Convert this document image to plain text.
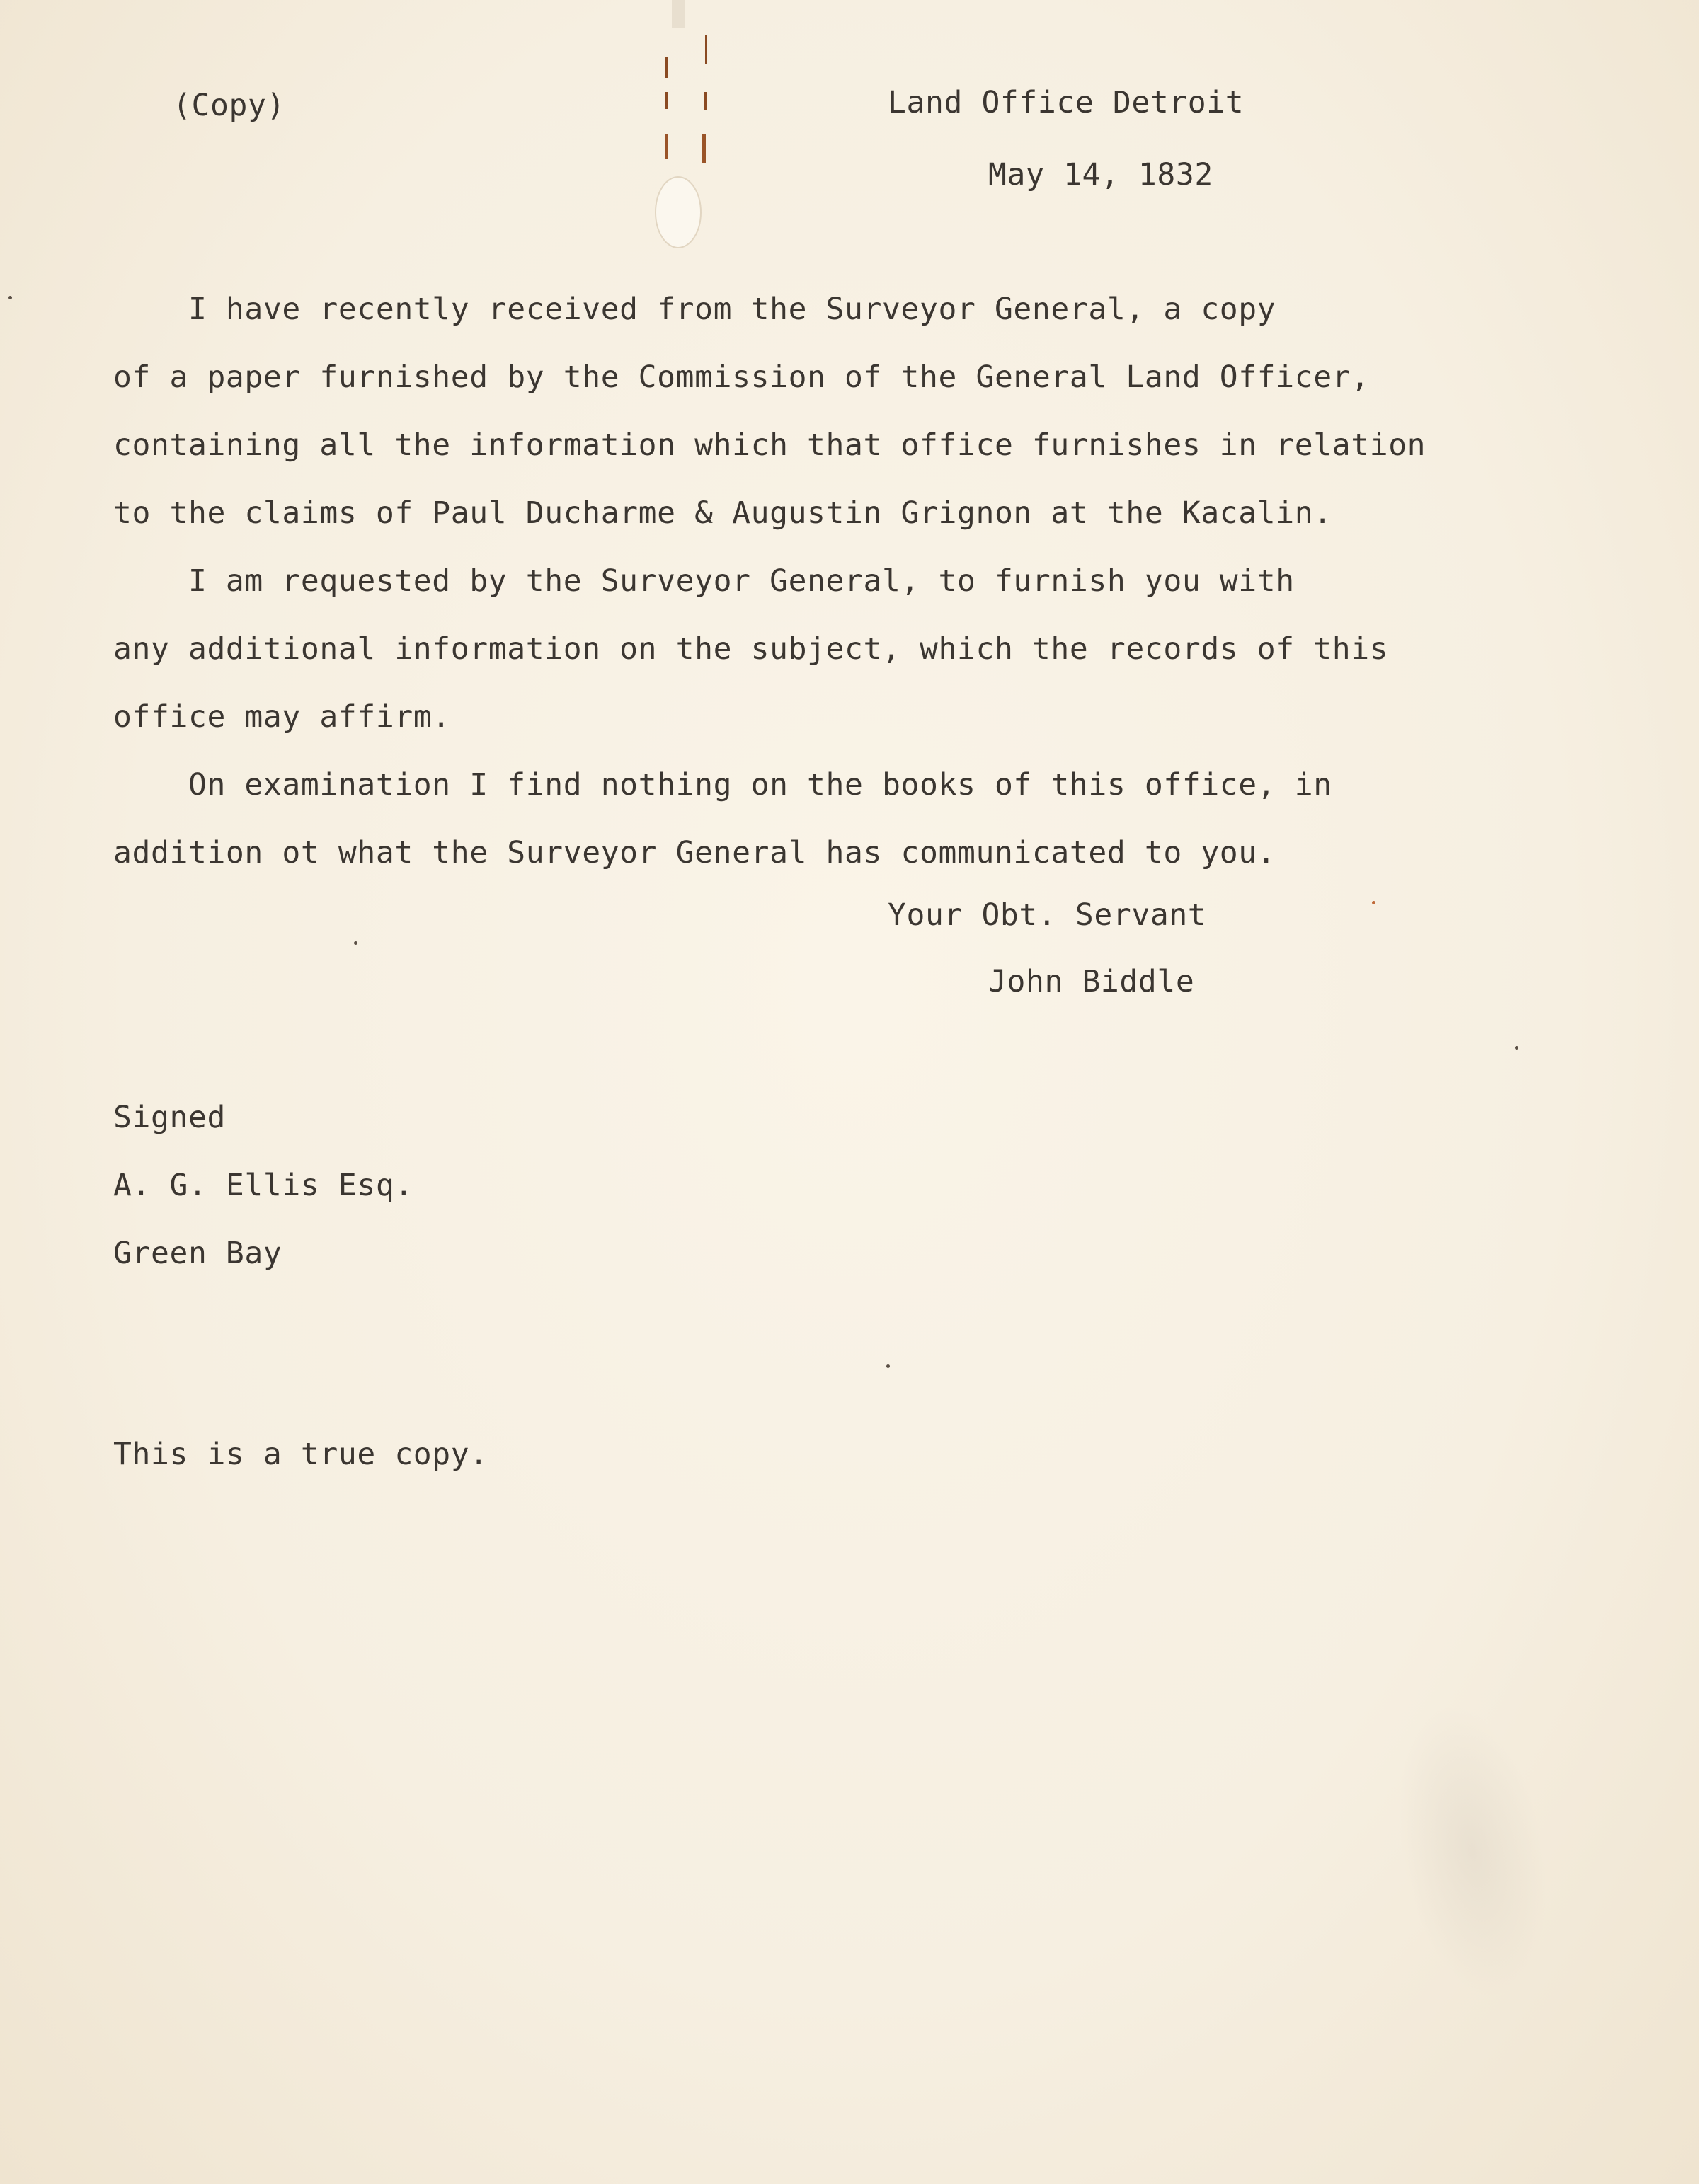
(Copy)	Land Office Detroit

May 14, 1832

I have recently received from the Surveyor General, a copy

of a paper furnished by the Commission of the General Land Officer,

containing all the information which that office furnishes in relation

to the claims of Paul Ducharme & Augustin Grignon at the Kacalin.

I am requested by the Surveyor General, to furnish you with

any additional information on the subject, which the records of this

office may affirm.

On examination I find nothing on the books of this office, in

addition ot what the Surveyor General has communicated to you.

Your Obt. Servant

John Biddle

Signed

A. G. Ellis Esq.

Green Bay

This is a true copy.
